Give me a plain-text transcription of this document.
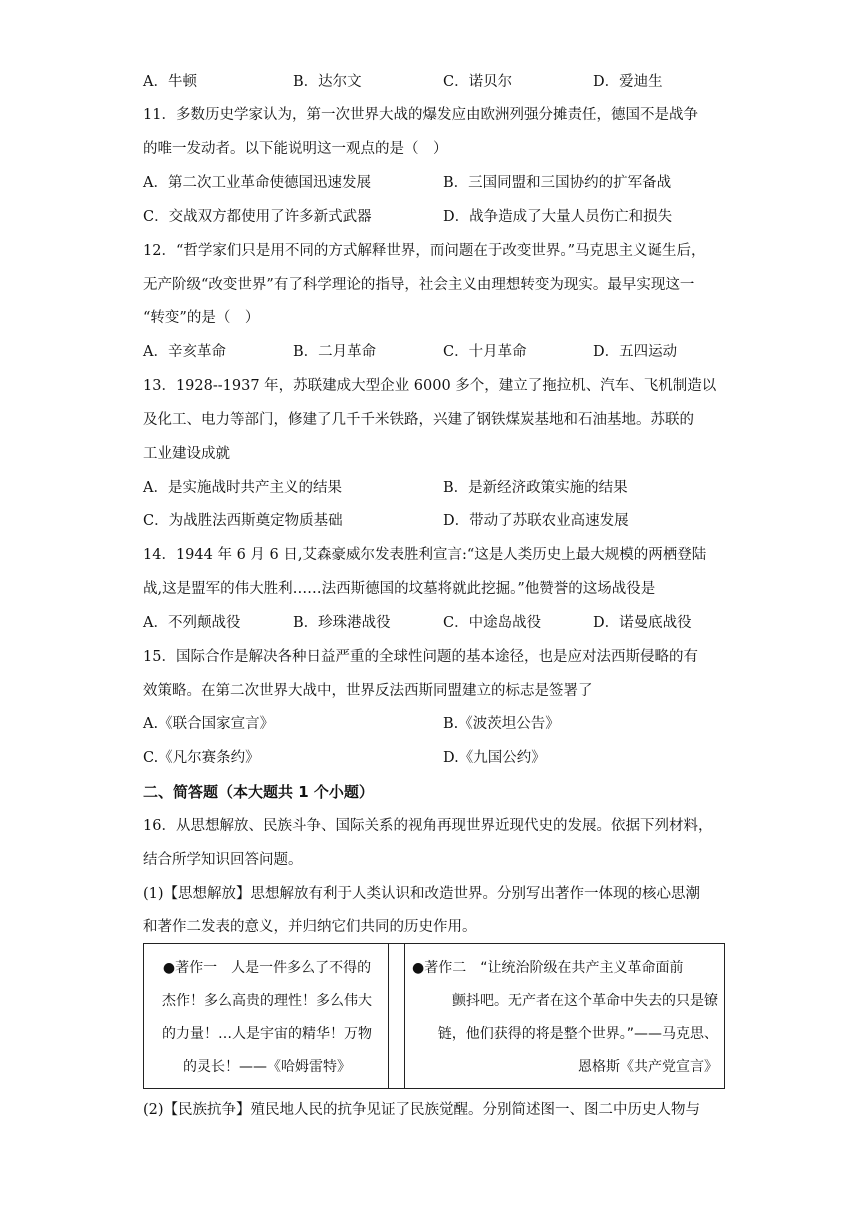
A．牛顿	B．达尔文	C．诺贝尔	D．爱迪生
11．多数历史学家认为，第一次世界大战的爆发应由欧洲列强分摊责任，德国不是战争
的唯一发动者。以下能说明这一观点的是（　）
A．第二次工业革命使德国迅速发展	B．三国同盟和三国协约的扩军备战
C．交战双方都使用了许多新式武器	D．战争造成了大量人员伤亡和损失
12．“哲学家们只是用不同的方式解释世界，而问题在于改变世界。”马克思主义诞生后，
无产阶级“改变世界”有了科学理论的指导，社会主义由理想转变为现实。最早实现这一
“转变”的是（　）
A．辛亥革命	B．二月革命	C．十月革命	D．五四运动
13．1928--1937 年，苏联建成大型企业 6000 多个，建立了拖拉机、汽车、飞机制造以
及化工、电力等部门，修建了几千千米铁路，兴建了钢铁煤炭基地和石油基地。苏联的
工业建设成就
A．是实施战时共产主义的结果	B．是新经济政策实施的结果
C．为战胜法西斯奠定物质基础	D．带动了苏联农业高速发展
14．1944 年 6 月 6 日,艾森豪威尔发表胜利宣言:“这是人类历史上最大规模的两栖登陆
战,这是盟军的伟大胜利……法西斯德国的坟墓将就此挖掘。”他赞誉的这场战役是
A．不列颠战役	B．珍珠港战役	C．中途岛战役	D．诺曼底战役
15．国际合作是解决各种日益严重的全球性问题的基本途径，也是应对法西斯侵略的有
效策略。在第二次世界大战中，世界反法西斯同盟建立的标志是签署了
A.《联合国家宣言》	B.《波茨坦公告》
C.《凡尔赛条约》	D.《九国公约》
二、简答题（本大题共 1 个小题）
16．从思想解放、民族斗争、国际关系的视角再现世界近现代史的发展。依据下列材料，
结合所学知识回答问题。
(1)【思想解放】思想解放有利于人类认识和改造世界。分别写出著作一体现的核心思潮
和著作二发表的意义，并归纳它们共同的历史作用。
●著作一　人是一件多么了不得的
杰作！多么高贵的理性！多么伟大
的力量！…人是宇宙的精华！万物
的灵长！——《哈姆雷特》
●著作二　“让统治阶级在共产主义革命面前
颤抖吧。无产者在这个革命中失去的只是镣
链，他们获得的将是整个世界。”——马克思、
恩格斯《共产党宣言》
(2)【民族抗争】殖民地人民的抗争见证了民族觉醒。分别简述图一、图二中历史人物与
